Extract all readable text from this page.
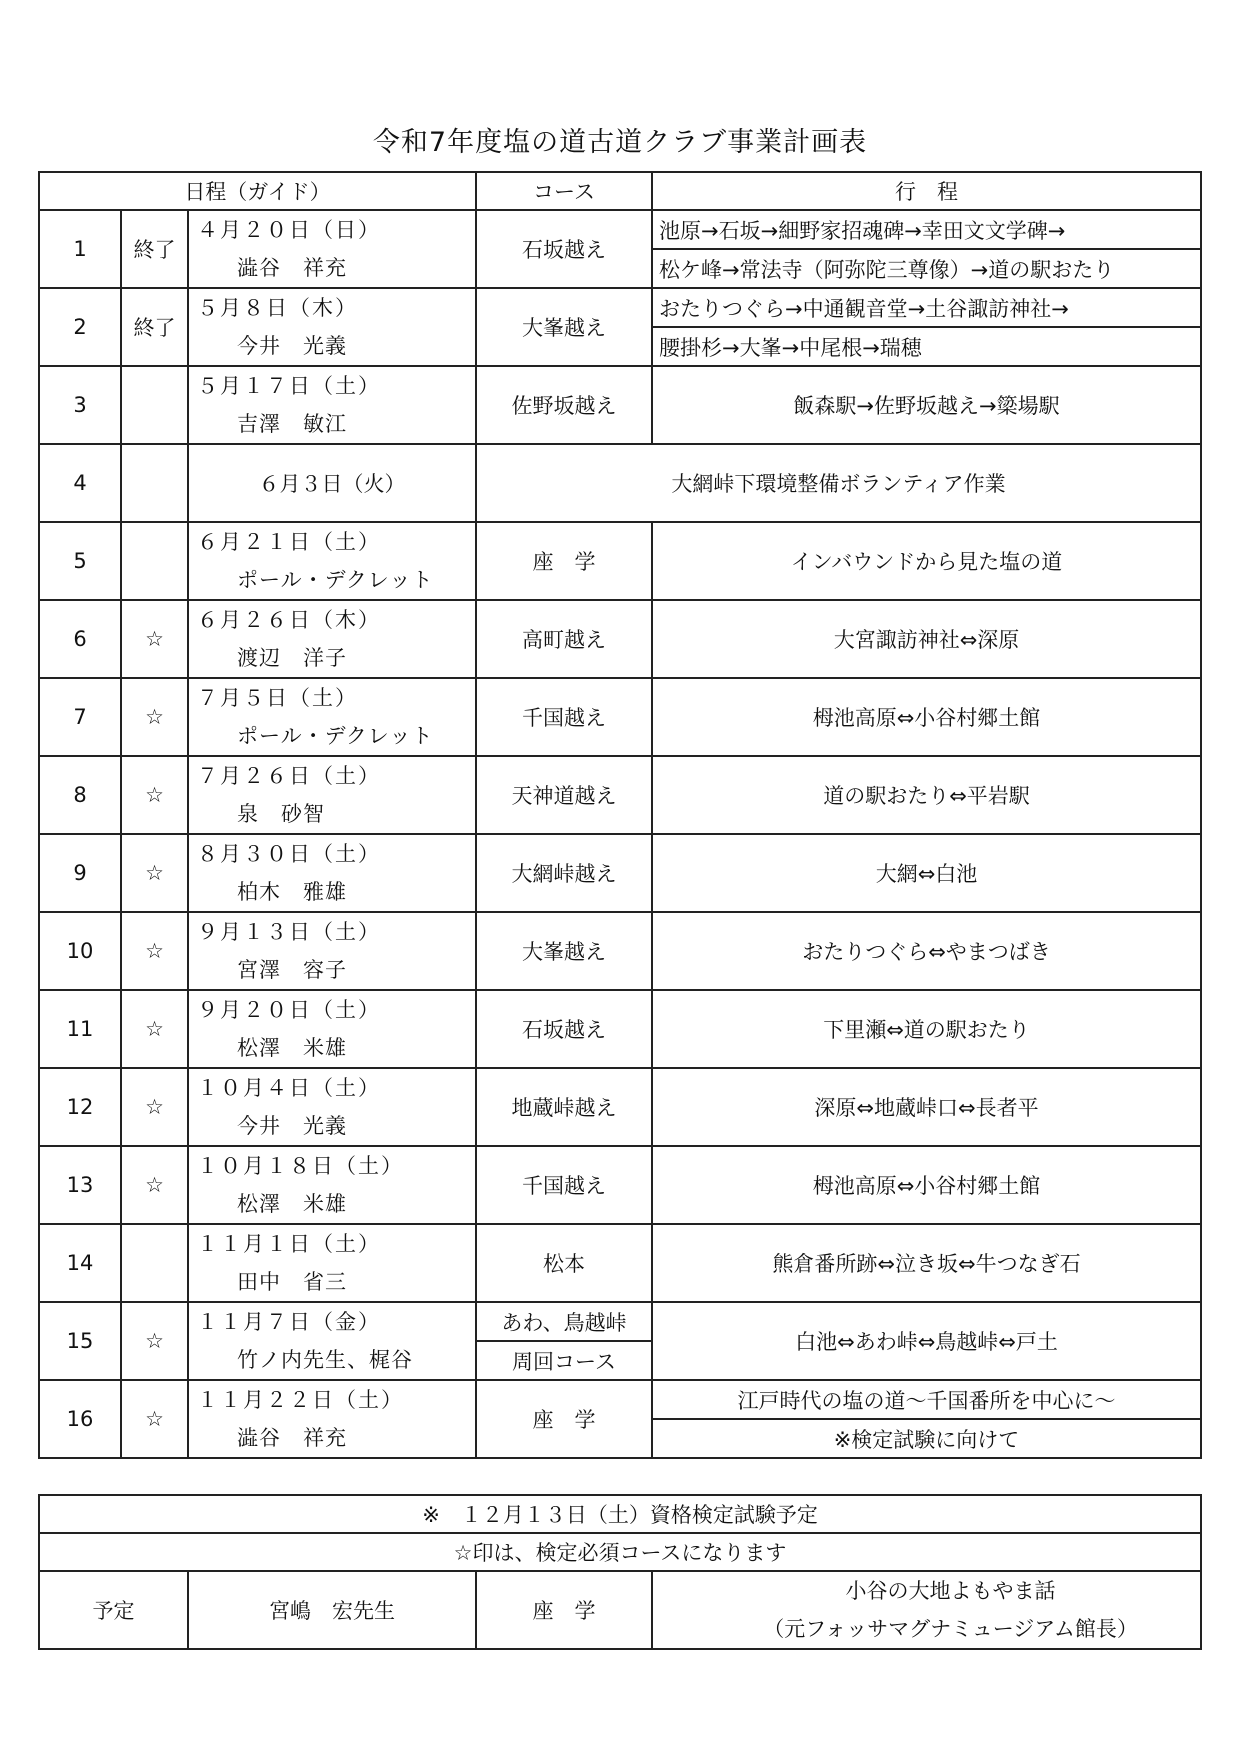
令和7年度塩の道古道クラブ事業計画表
日程（ガイド）			コース	行　程
1	終了	４月２０日（日）
澁谷　祥充	石坂越え	池原→石坂→細野家招魂碑→幸田文文学碑→
				松ケ峰→常法寺（阿弥陀三尊像）→道の駅おたり
2	終了	５月８日（木）
今井　光義	大峯越え	おたりつぐら→中通観音堂→土谷諏訪神社→
				腰掛杉→大峯→中尾根→瑞穂
3		５月１７日（土）
吉澤　敏江	佐野坂越え	飯森駅→佐野坂越え→簗場駅
4		６月３日（火）	大網峠下環境整備ボランティア作業	
5		６月２１日（土）
ポール・デクレット	座　学	インバウンドから見た塩の道
6	☆	６月２６日（木）
渡辺　洋子	高町越え	大宮諏訪神社⇔深原
7	☆	７月５日（土）
ポール・デクレット	千国越え	栂池高原⇔小谷村郷土館
8	☆	７月２６日（土）
泉　砂智	天神道越え	道の駅おたり⇔平岩駅
9	☆	８月３０日（土）
柏木　雅雄	大網峠越え	大網⇔白池
10	☆	９月１３日（土）
宮澤　容子	大峯越え	おたりつぐら⇔やまつばき
11	☆	９月２０日（土）
松澤　米雄	石坂越え	下里瀬⇔道の駅おたり
12	☆	１０月４日（土）
今井　光義	地蔵峠越え	深原⇔地蔵峠口⇔長者平
13	☆	１０月１８日（土）
松澤　米雄	千国越え	栂池高原⇔小谷村郷土館
14		１１月１日（土）
田中　省三	松本	熊倉番所跡⇔泣き坂⇔牛つなぎ石
15	☆	１１月７日（金）
竹ノ内先生、梶谷	あわ、鳥越峠	白池⇔あわ峠⇔鳥越峠⇔戸土
			周回コース	
16	☆	１１月２２日（土）
澁谷　祥充	座　学	江戸時代の塩の道〜千国番所を中心に〜
				※検定試験に向けて
※　１２月１３日（土）資格検定試験予定
☆印は、検定必須コースになります
予定	宮嶋　宏先生	座　学	
小谷の大地よもやま話
（元フォッサマグナミュージアム館長）
